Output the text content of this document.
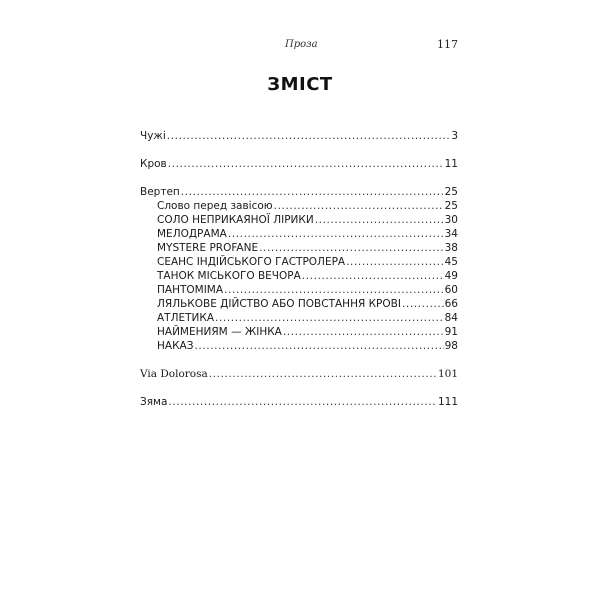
Проза	117
ЗМІСТ
Чужі .....	3
Кров .....	11
Вертеп .....	25
Слово перед завісою .....	25
СОЛО НЕПРИКАЯНОЇ ЛІРИКИ .....	30
МЕЛОДРАМА .....	34
MYSTERE PROFANE .....	38
СЕАНС ІНДІЙСЬКОГО ГАСТРОЛЕРА .....	45
ТАНОК МІСЬКОГО ВЕЧОРА .....	49
ПАНТОМІМА .....	60
ЛЯЛЬКОВЕ ДІЙСТВО АБО ПОВСТАННЯ КРОВІ .....	66
АТЛЕТИКА .....	84
НАЙМЕНИЯМ — ЖІНКА .....	91
НАКАЗ .....	98
Via Dolorosa .....	101
Зяма .....	111
